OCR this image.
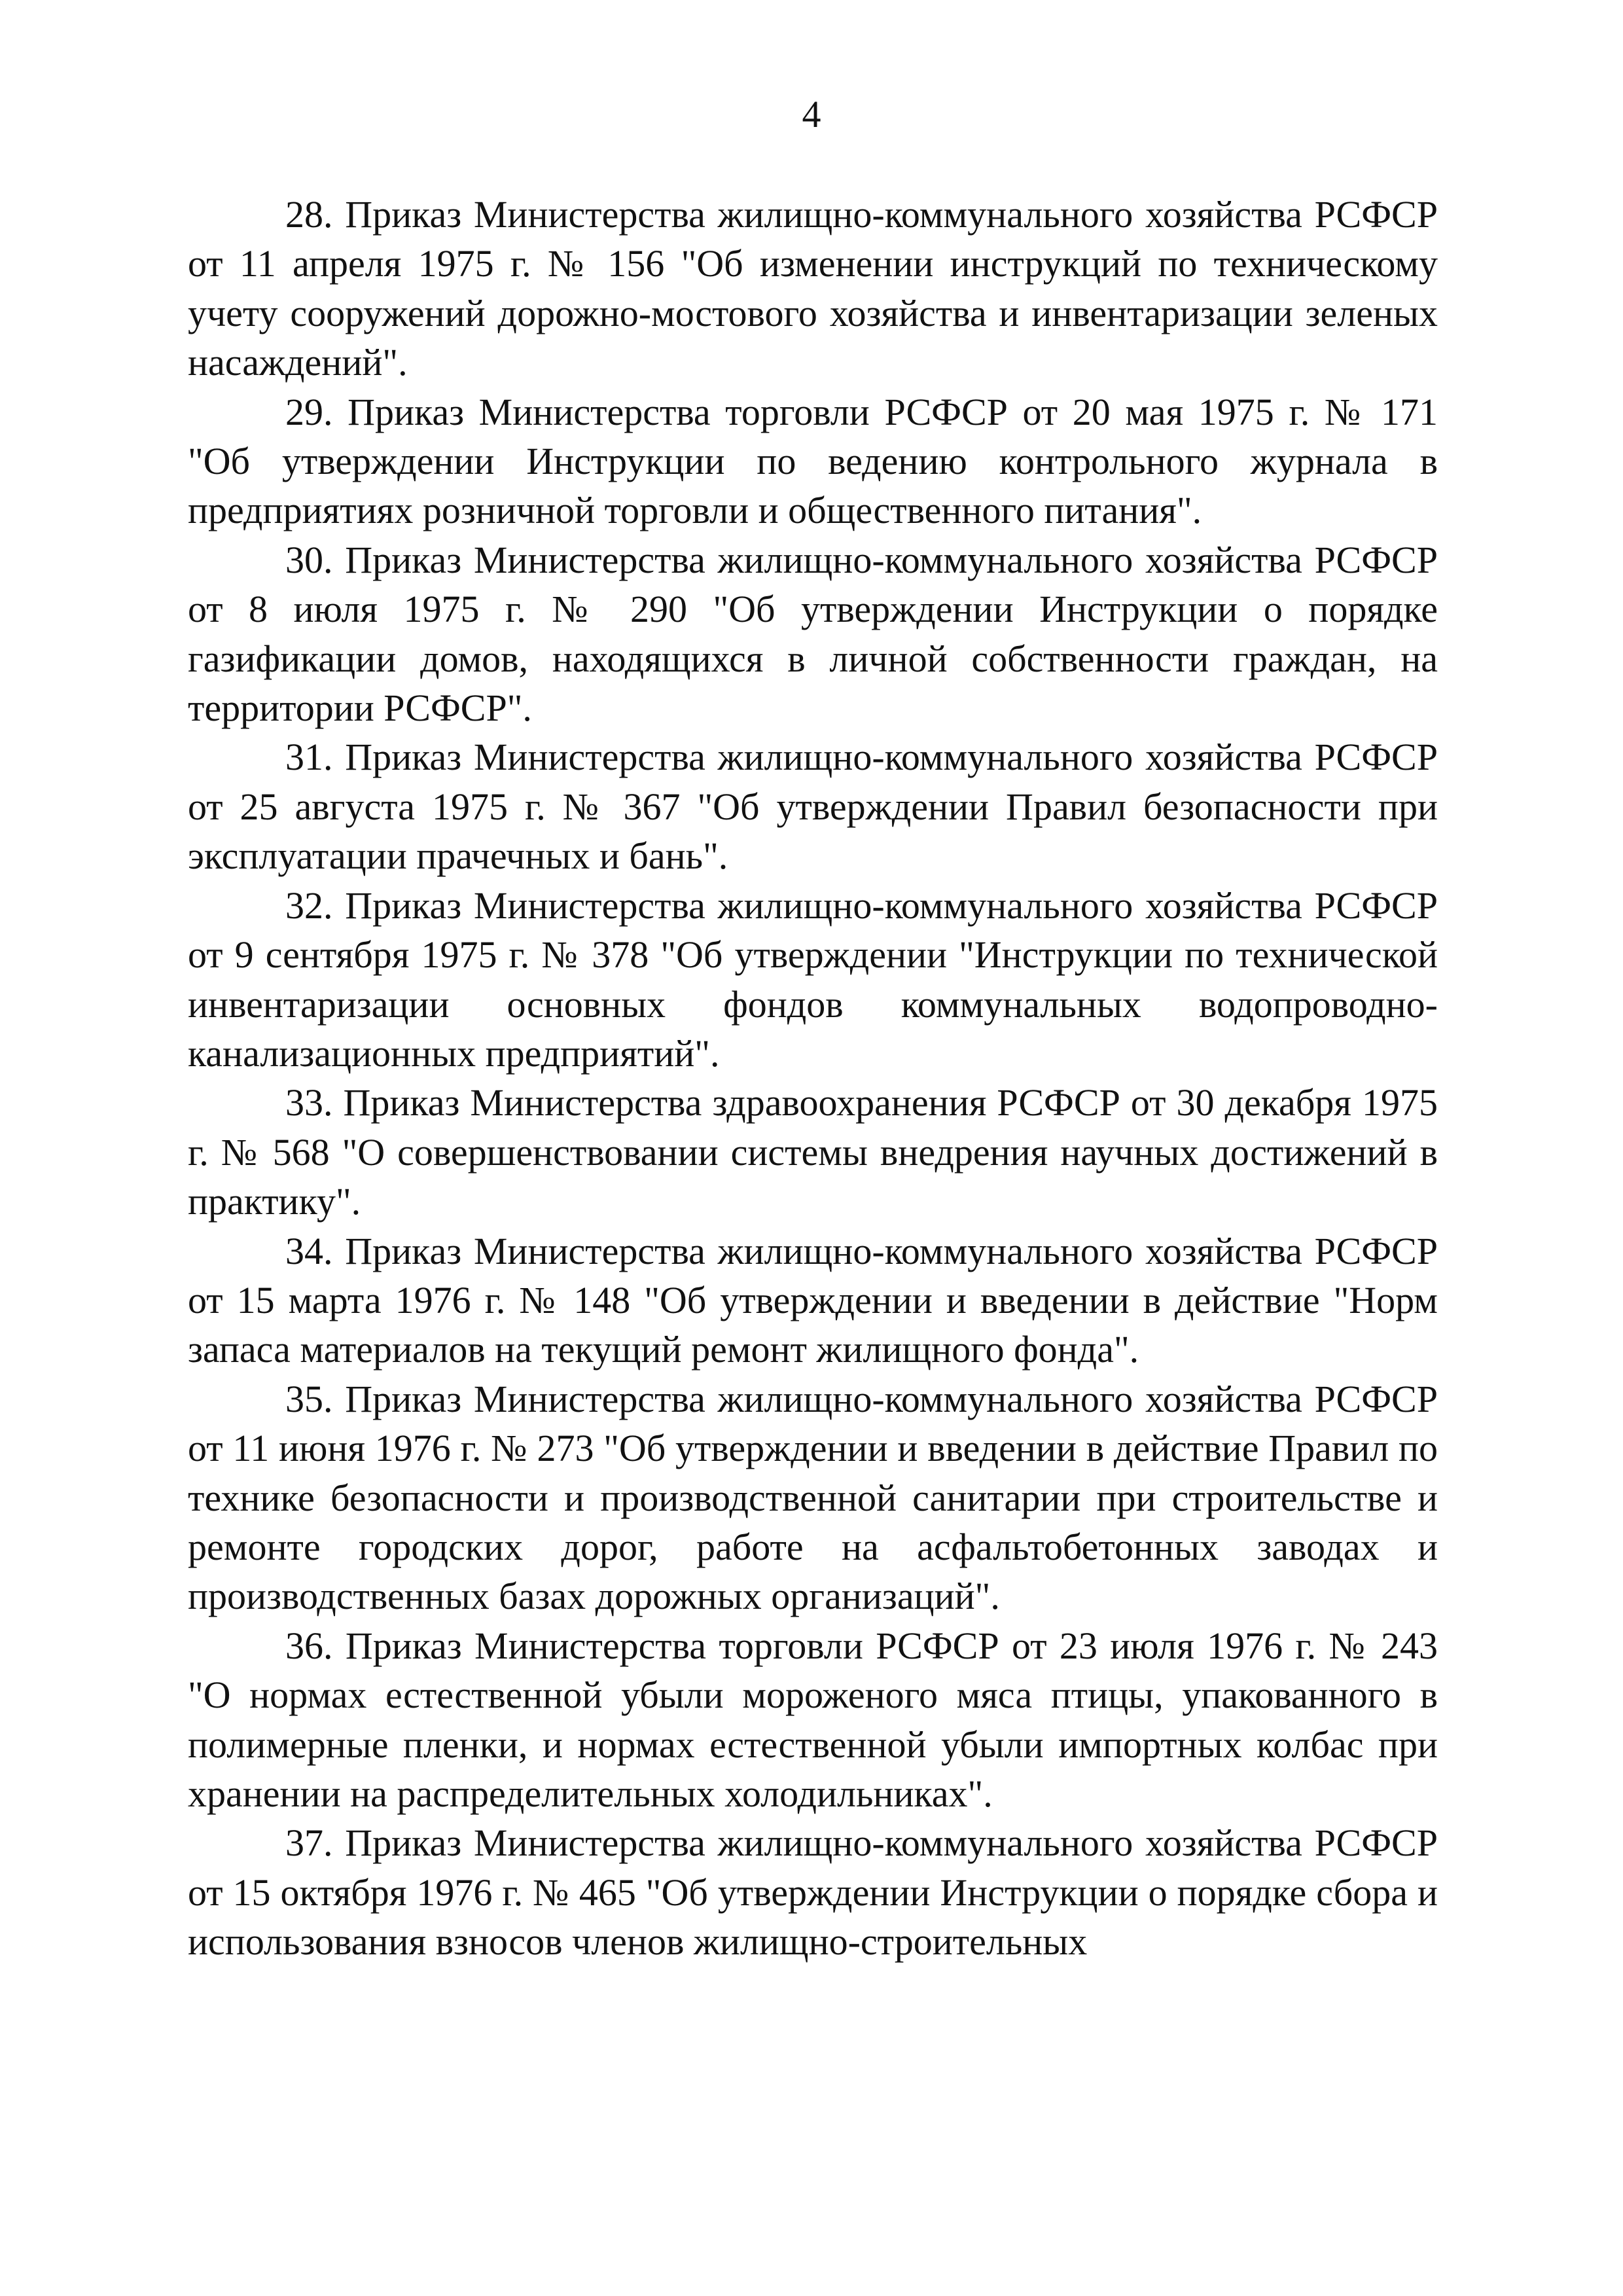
4

28. Приказ Министерства жилищно-коммунального хозяйства РСФСР от 11 апреля 1975 г. № 156 "Об изменении инструкций по техническому учету сооружений дорожно-мостового хозяйства и инвентаризации зеленых насаждений".

29. Приказ Министерства торговли РСФСР от 20 мая 1975 г. № 171 "Об утверждении Инструкции по ведению контрольного журнала в предприятиях розничной торговли и общественного питания".

30. Приказ Министерства жилищно-коммунального хозяйства РСФСР от 8 июля 1975 г. № 290 "Об утверждении Инструкции о порядке газификации домов, находящихся в личной собственности граждан, на территории РСФСР".

31. Приказ Министерства жилищно-коммунального хозяйства РСФСР от 25 августа 1975 г. № 367 "Об утверждении Правил безопасности при эксплуатации прачечных и бань".

32. Приказ Министерства жилищно-коммунального хозяйства РСФСР от 9 сентября 1975 г. № 378 "Об утверждении "Инструкции по технической инвентаризации основных фондов коммунальных водопроводно-канализационных предприятий".

33. Приказ Министерства здравоохранения РСФСР от 30 декабря 1975 г. № 568 "О совершенствовании системы внедрения научных достижений в практику".

34. Приказ Министерства жилищно-коммунального хозяйства РСФСР от 15 марта 1976 г. № 148 "Об утверждении и введении в действие "Норм запаса материалов на текущий ремонт жилищного фонда".

35. Приказ Министерства жилищно-коммунального хозяйства РСФСР от 11 июня 1976 г. № 273 "Об утверждении и введении в действие Правил по технике безопасности и производственной санитарии при строительстве и ремонте городских дорог, работе на асфальтобетонных заводах и производственных базах дорожных организаций".

36. Приказ Министерства торговли РСФСР от 23 июля 1976 г. № 243 "О нормах естественной убыли мороженого мяса птицы, упакованного в полимерные пленки, и нормах естественной убыли импортных колбас при хранении на распределительных холодильниках".

37. Приказ Министерства жилищно-коммунального хозяйства РСФСР от 15 октября 1976 г. № 465 "Об утверждении Инструкции о порядке сбора и использования взносов членов жилищно-строительных
